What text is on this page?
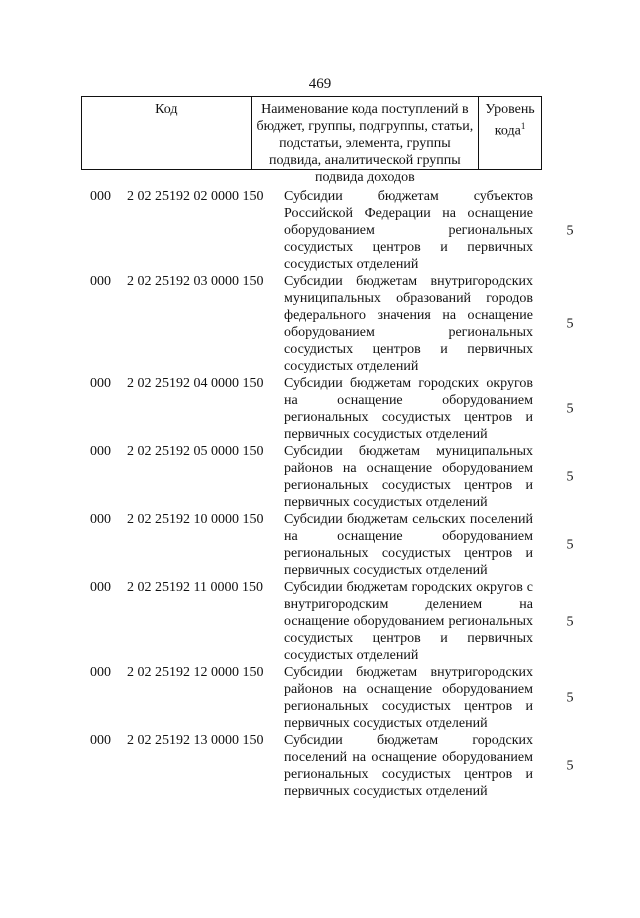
469
Код	Наименование кода поступлений в бюджет, группы, подгруппы, статьи, подстатьи, элемента, группы подвида, аналитической группы подвида доходов
Уровень кода$^1$
000 2 02 25192 02 0000 150 Субсидии бюджетам субъектов Российской Федерации на оснащение оборудованием региональных сосудистых центров и первичных сосудистых отделений
5
000 2 02 25192 03 0000 150 Субсидии бюджетам внутригородских муниципальных образований городов федерального значения на оснащение оборудованием региональных сосудистых центров и первичных сосудистых отделений
5
000 2 02 25192 04 0000 150 Субсидии бюджетам городских округов на оснащение оборудованием региональных сосудистых центров и первичных сосудистых отделений
5
000 2 02 25192 05 0000 150 Субсидии бюджетам муниципальных районов на оснащение оборудованием региональных сосудистых центров и первичных сосудистых отделений
5
000 2 02 25192 10 0000 150 Субсидии бюджетам сельских поселений на оснащение оборудованием региональных сосудистых центров и первичных сосудистых отделений
5
000 2 02 25192 11 0000 150 Субсидии бюджетам городских округов с внутригородским делением на оснащение оборудованием региональных сосудистых центров и первичных сосудистых отделений
5
000 2 02 25192 12 0000 150 Субсидии бюджетам внутригородских районов на оснащение оборудованием региональных сосудистых центров и первичных сосудистых отделений
5
000 2 02 25192 13 0000 150 Субсидии бюджетам городских поселений на оснащение оборудованием региональных сосудистых центров и первичных сосудистых отделений
5
